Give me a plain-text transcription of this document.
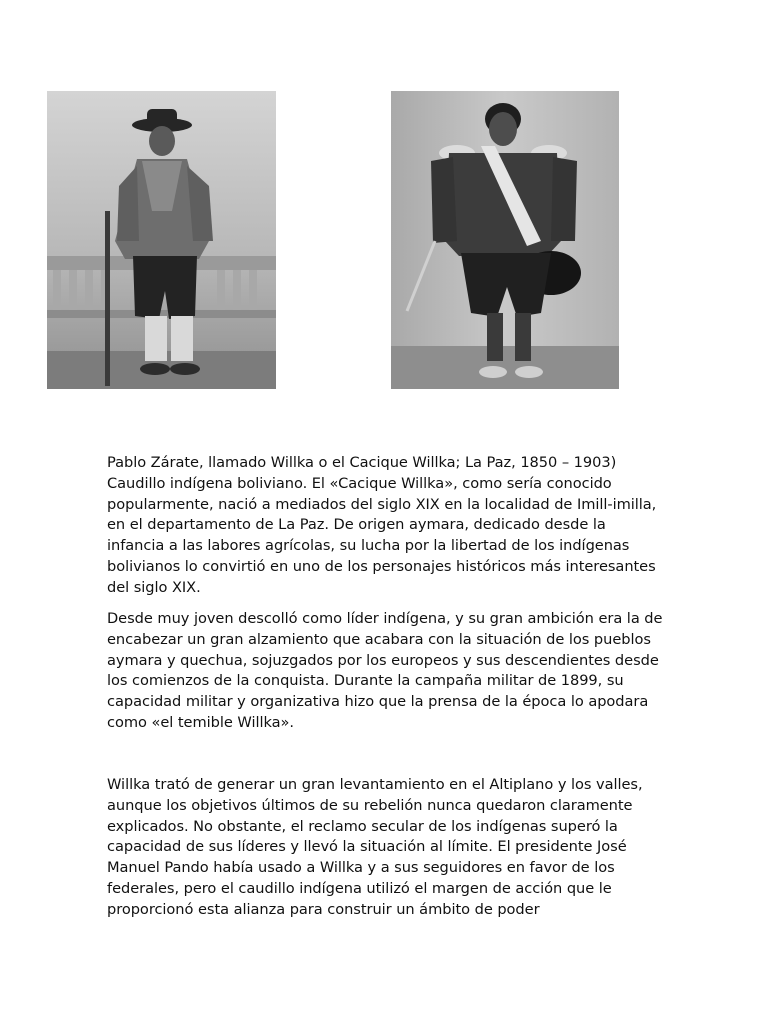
Pablo Zárate, llamado Willka o el Cacique Willka; La Paz, 1850 – 1903) Caudillo indígena boliviano. El «Cacique Willka», como sería conocido popularmente, nació a mediados del siglo XIX en la localidad de Imill-imilla, en el departamento de La Paz. De origen aymara, dedicado desde la infancia a las labores agrícolas, su lucha por la libertad de los indígenas bolivianos lo convirtió en uno de los personajes históricos más interesantes del siglo XIX.

Desde muy joven descolló como líder indígena, y su gran ambición era la de encabezar un gran alzamiento que acabara con la situación de los pueblos aymara y quechua, sojuzgados por los europeos y sus descendientes desde los comienzos de la conquista. Durante la campaña militar de 1899, su capacidad militar y organizativa hizo que la prensa de la época lo apodara como «el temible Willka».

Willka trató de generar un gran levantamiento en el Altiplano y los valles, aunque los objetivos últimos de su rebelión nunca quedaron claramente explicados. No obstante, el reclamo secular de los indígenas superó la capacidad de sus líderes y llevó la situación al límite. El presidente José Manuel Pando había usado a Willka y a sus seguidores en favor de los federales, pero el caudillo indígena utilizó el margen de acción que le proporcionó esta alianza para construir un ámbito de poder
